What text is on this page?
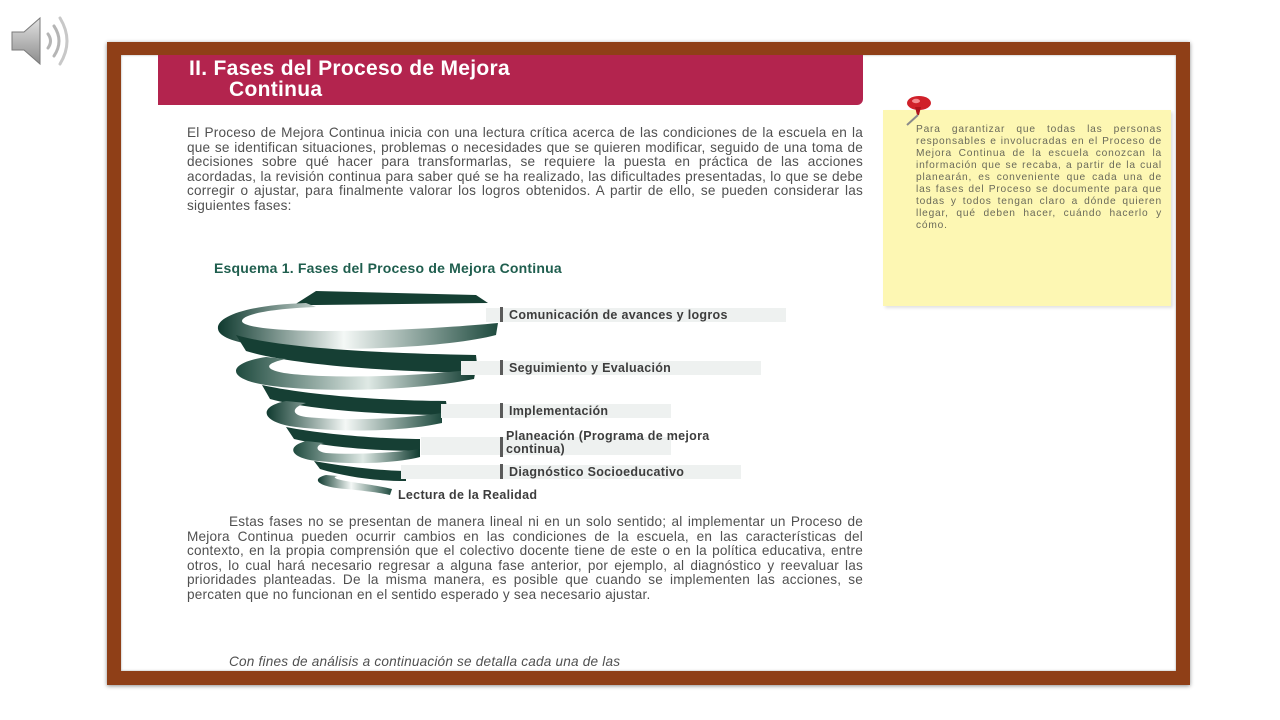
II. Fases del Proceso de Mejora
Continua

El Proceso de Mejora Continua inicia con una lectura crítica acerca de las condiciones de la escuela en la que se identifican situaciones, problemas o necesidades que se quieren modificar, seguido de una toma de decisiones sobre qué hacer para transformarlas, se requiere la puesta en práctica de las acciones acordadas, la revisión continua para saber qué se ha realizado, las dificultades presentadas, lo que se debe corregir o ajustar, para finalmente valorar los logros obtenidos. A partir de ello, se pueden considerar las siguientes fases:

Esquema 1. Fases del Proceso de Mejora Continua
Comunicación de avances y logros
Seguimiento y Evaluación
Implementación
Planeación (Programa de mejora continua)
Diagnóstico Socioeducativo
Lectura de la Realidad

Estas fases no se presentan de manera lineal ni en un solo sentido; al implementar un Proceso de Mejora Continua pueden ocurrir cambios en las condiciones de la escuela, en las características del contexto, en la propia comprensión que el colectivo docente tiene de este o en la política educativa, entre otros, lo cual hará necesario regresar a alguna fase anterior, por ejemplo, al diagnóstico y reevaluar las prioridades planteadas. De la misma manera, es posible que cuando se implementen las acciones, se percaten que no funcionan en el sentido esperado y sea necesario ajustar.

Con fines de análisis a continuación se detalla cada una de las

Para garantizar que todas las personas responsables e involucradas en el Proceso de Mejora Continua de la escuela conozcan la información que se recaba, a partir de la cual planearán, es conveniente que cada una de las fases del Proceso se documente para que todas y todos tengan claro a dónde quieren llegar, qué deben hacer, cuándo hacerlo y cómo.
